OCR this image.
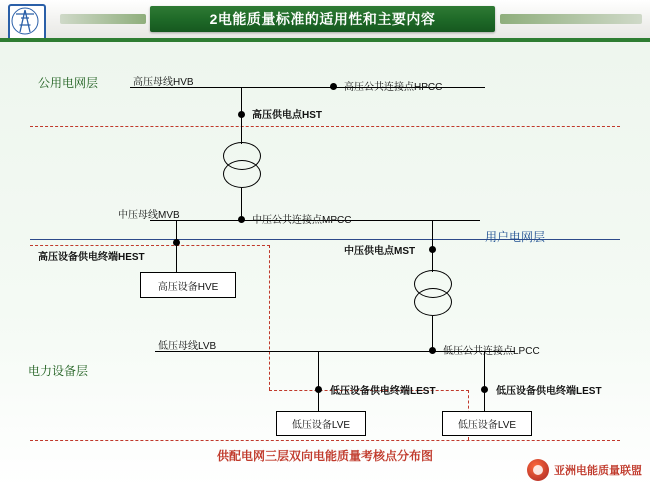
2电能质量标准的适用性和主要内容
公用电网层
用户电网层
电力设备层
高压母线HVB	高压公共连接点HPCC
高压供电点HST
中压母线MVB	中压公共连接点MPCC
高压设备供电终端HEST
高压设备HVE
中压供电点MST
低压母线LVB	低压公共连接点LPCC
低压设备供电终端LEST
低压设备LVE
低压设备供电终端LEST
低压设备LVE
供配电网三层双向电能质量考核点分布图
亚洲电能质量联盟
